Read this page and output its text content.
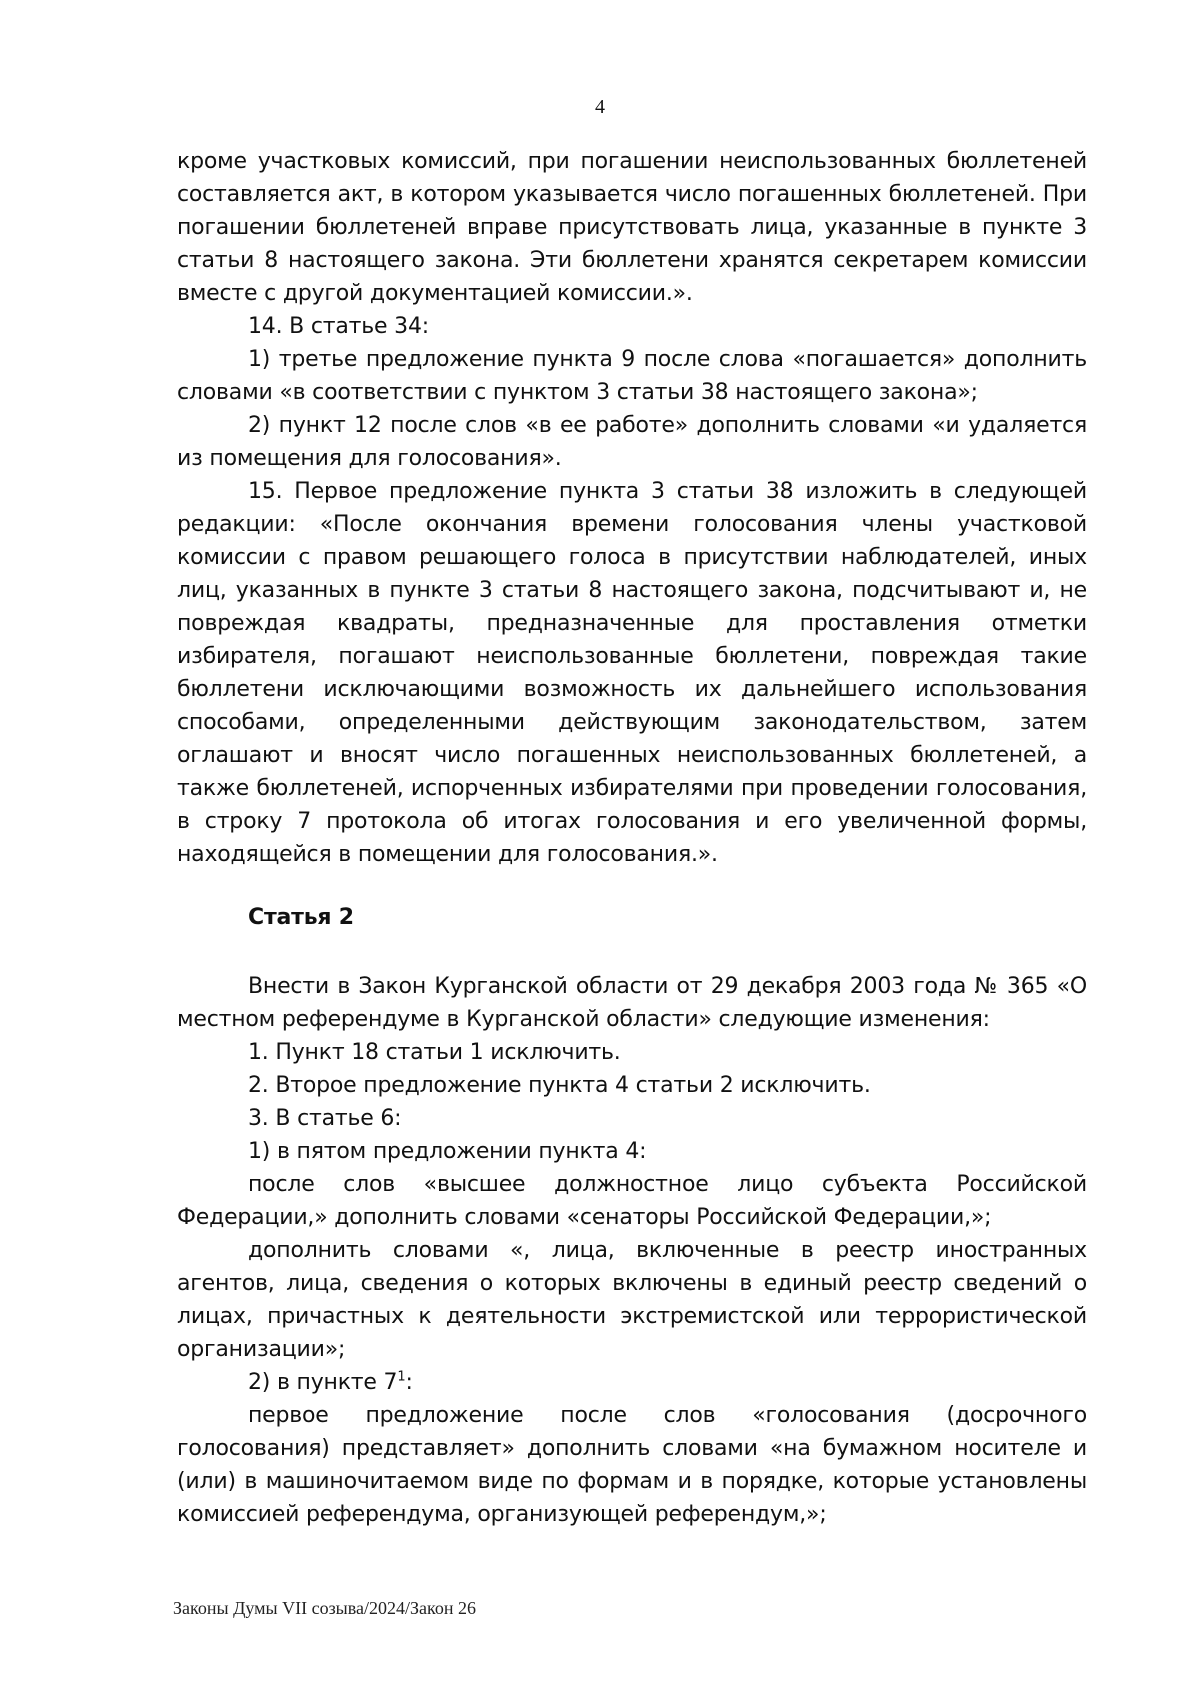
4

кроме участковых комиссий, при погашении неиспользованных бюллетеней составляется акт, в котором указывается число погашенных бюллетеней. При погашении бюллетеней вправе присутствовать лица, указанные в пункте 3 статьи 8 настоящего закона. Эти бюллетени хранятся секретарем комиссии вместе с другой документацией комиссии.».

14. В статье 34:

1) третье предложение пункта 9 после слова «погашается» дополнить словами «в соответствии с пунктом 3 статьи 38 настоящего закона»;

2) пункт 12 после слов «в ее работе» дополнить словами «и удаляется из помещения для голосования».

15. Первое предложение пункта 3 статьи 38 изложить в следующей редакции: «После окончания времени голосования члены участковой комиссии с правом решающего голоса в присутствии наблюдателей, иных лиц, указанных в пункте 3 статьи 8 настоящего закона, подсчитывают и, не повреждая квадраты, предназначенные для проставления отметки избирателя, погашают неиспользованные бюллетени, повреждая такие бюллетени исключающими возможность их дальнейшего использования способами, определенными действующим законодательством, затем оглашают и вносят число погашенных неиспользованных бюллетеней, а также бюллетеней, испорченных избирателями при проведении голосования, в строку 7 протокола об итогах голосования и его увеличенной формы, находящейся в помещении для голосования.».

Статья 2

Внести в Закон Курганской области от 29 декабря 2003 года № 365 «О местном референдуме в Курганской области» следующие изменения:

1. Пункт 18 статьи 1 исключить.

2. Второе предложение пункта 4 статьи 2 исключить.

3. В статье 6:

1) в пятом предложении пункта 4:

после слов «высшее должностное лицо субъекта Российской Федерации,» дополнить словами «сенаторы Российской Федерации,»;

дополнить словами «, лица, включенные в реестр иностранных агентов, лица, сведения о которых включены в единый реестр сведений о лицах, причастных к деятельности экстремистской или террористической организации»;

2) в пункте $7^1$:

первое предложение после слов «голосования (досрочного голосования) представляет» дополнить словами «на бумажном носителе и (или) в машиночитаемом виде по формам и в порядке, которые установлены комиссией референдума, организующей референдум,»;

Законы Думы VII созыва/2024/Закон 26
